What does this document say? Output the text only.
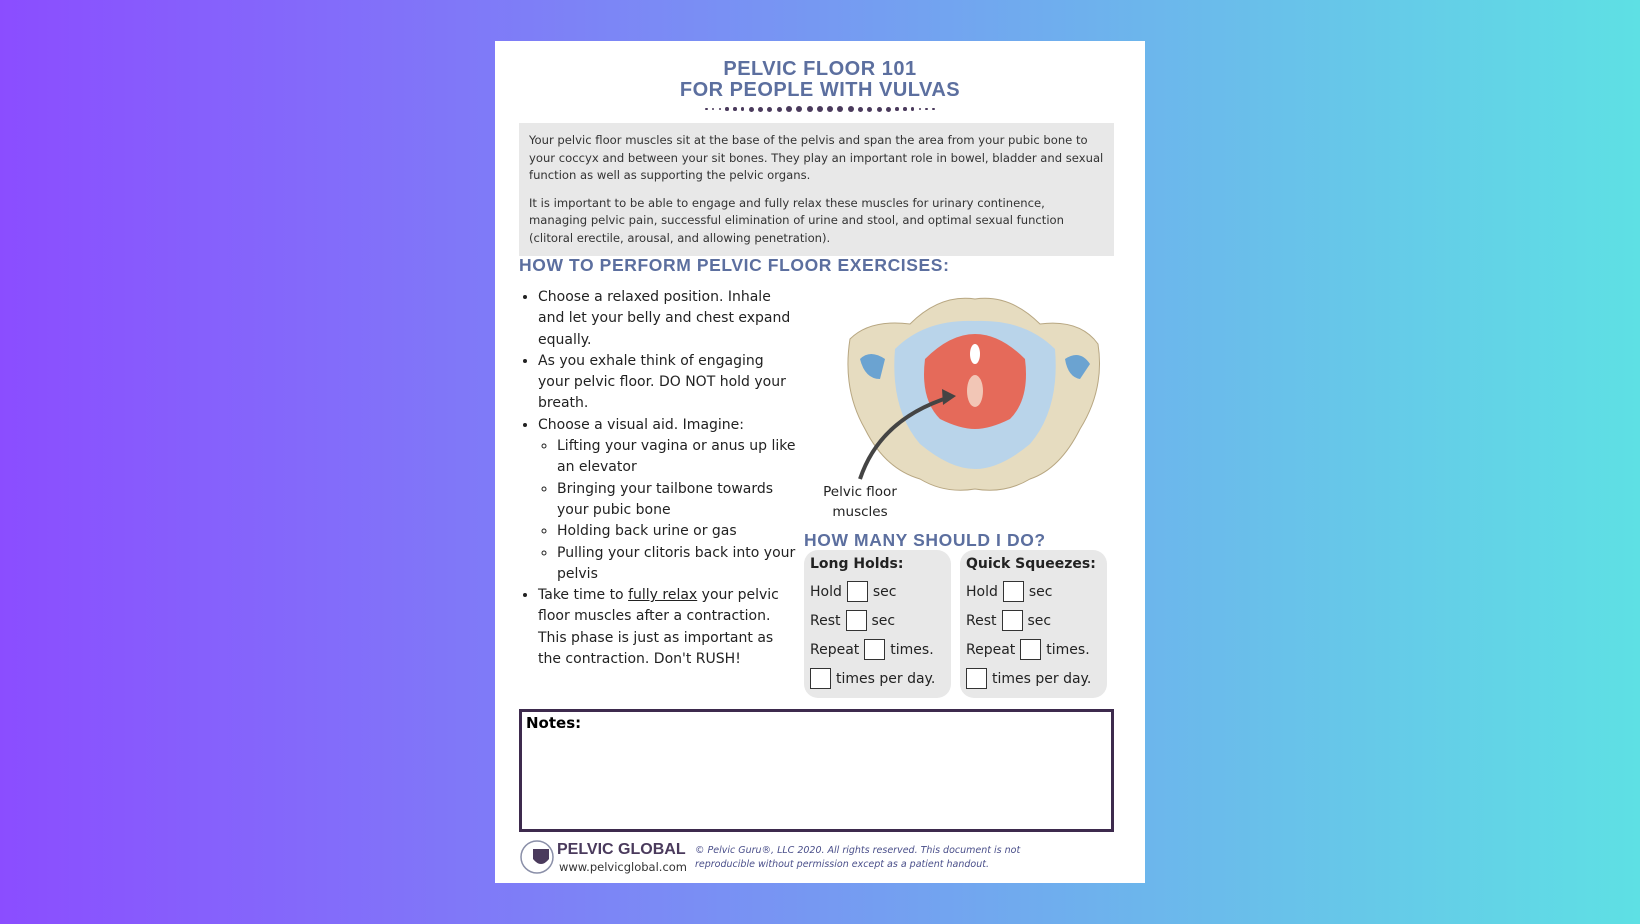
PELVIC FLOOR 101
FOR PEOPLE WITH VULVAS

Your pelvic floor muscles sit at the base of the pelvis and span the area from your pubic bone to your coccyx and between your sit bones. They play an important role in bowel, bladder and sexual function as well as supporting the pelvic organs.

It is important to be able to engage and fully relax these muscles for urinary continence, managing pelvic pain, successful elimination of urine and stool, and optimal sexual function (clitoral erectile, arousal, and allowing penetration).

HOW TO PERFORM PELVIC FLOOR EXERCISES:
• Choose a relaxed position. Inhale and let your belly and chest expand equally.
• As you exhale think of engaging your pelvic floor. DO NOT hold your breath.
• Choose a visual aid. Imagine:
◦ Lifting your vagina or anus up like an elevator
◦ Bringing your tailbone towards your pubic bone
◦ Holding back urine or gas
◦ Pulling your clitoris back into your pelvis
• Take time to fully relax your pelvic floor muscles after a contraction. This phase is just as important as the contraction. Don't RUSH!
Pelvic floor muscles
HOW MANY SHOULD I DO?
Long Holds:
Hold sec
Rest sec
Repeat times.
times per day.
Quick Squeezes:
Hold sec
Rest sec
Repeat times.
times per day.
Notes:
PELVIC GLOBAL
www.pelvicglobal.com
© Pelvic Guru®, LLC 2020. All rights reserved. This document is not
reproducible without permission except as a patient handout.
